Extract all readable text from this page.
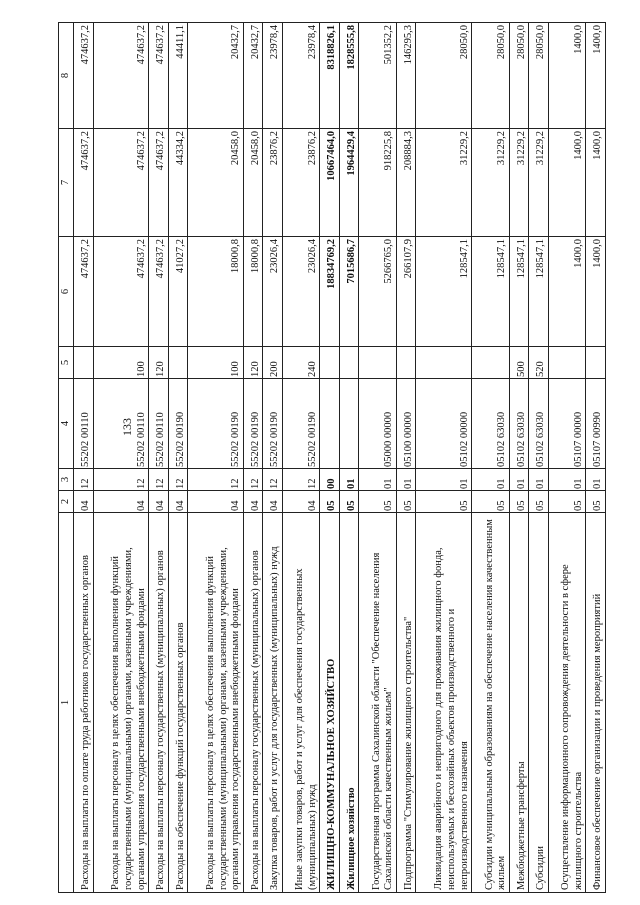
133
1	2	3	4	5	6	7	8
Расходы на выплаты по оплате труда работников государственных органов	04	12	55202 00110		474637,2	474637,2	474637,2
Расходы на выплаты персоналу в целях обеспечения выполнения функций государственными (муниципальными) органами, казенными учреждениями, органами управления государственными внебюджетными фондами	04	12	55202 00110	100	474637,2	474637,2	474637,2
Расходы на выплаты персоналу государственных (муниципальных) органов	04	12	55202 00110	120	474637,2	474637,2	474637,2
Расходы на обеспечение функций государственных органов	04	12	55202 00190		41027,2	44334,2	44411,1
Расходы на выплаты персоналу в целях обеспечения выполнения функций государственными (муниципальными) органами, казенными учреждениями, органами управления государственными внебюджетными фондами	04	12	55202 00190	100	18000,8	20458,0	20432,7
Расходы на выплаты персоналу государственных (муниципальных) органов	04	12	55202 00190	120	18000,8	20458,0	20432,7
Закупка товаров, работ и услуг для государственных (муниципальных) нужд	04	12	55202 00190	200	23026,4	23876,2	23978,4
Иные закупки товаров, работ и услуг для обеспечения государственных (муниципальных) нужд	04	12	55202 00190	240	23026,4	23876,2	23978,4
ЖИЛИЩНО-КОММУНАЛЬНОЕ ХОЗЯЙСТВО	05	00			18834769,2	10667464,0	8318826,1
Жилищное хозяйство	05	01			7015686,7	1964429,4	1828555,8
Государственная программа Сахалинской области "Обеспечение населения Сахалинской области качественным жильем"	05	01	05000 00000		5266765,0	918225,8	501352,2
Подпрограмма "Стимулирование жилищного строительства"	05	01	05100 00000		266107,9	208884,3	146295,3
Ликвидация аварийного и непригодного для проживания жилищного фонда, неиспользуемых и бесхозяйных объектов производственного и непроизводственного назначения	05	01	05102 00000		128547,1	31229,2	28050,0
Субсидии муниципальным образованиям на обеспечение населения качественным жильем	05	01	05102 63030		128547,1	31229,2	28050,0
Межбюджетные трансферты	05	01	05102 63030	500	128547,1	31229,2	28050,0
Субсидии	05	01	05102 63030	520	128547,1	31229,2	28050,0
Осуществление информационного сопровождения деятельности в сфере жилищного строительства	05	01	05107 00000		1400,0	1400,0	1400,0
Финансовое обеспечение организации и проведения мероприятий	05	01	05107 00990		1400,0	1400,0	1400,0
